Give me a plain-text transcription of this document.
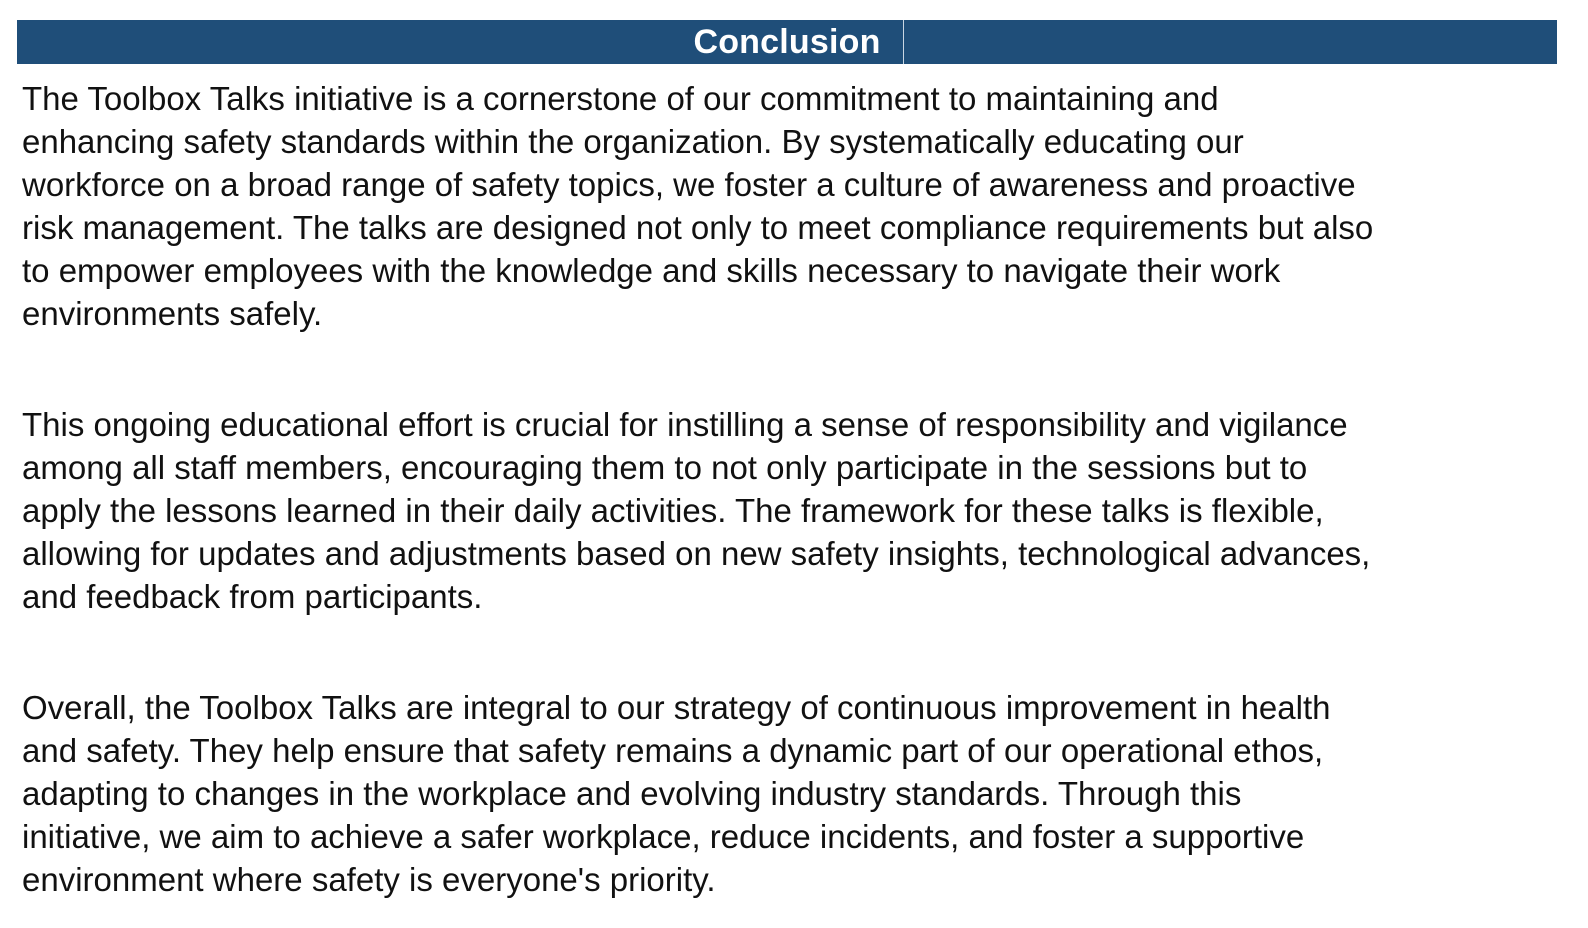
Conclusion

The Toolbox Talks initiative is a cornerstone of our commitment to maintaining and
enhancing safety standards within the organization. By systematically educating our
workforce on a broad range of safety topics, we foster a culture of awareness and proactive
risk management. The talks are designed not only to meet compliance requirements but also
to empower employees with the knowledge and skills necessary to navigate their work
environments safely.

This ongoing educational effort is crucial for instilling a sense of responsibility and vigilance
among all staff members, encouraging them to not only participate in the sessions but to
apply the lessons learned in their daily activities. The framework for these talks is flexible,
allowing for updates and adjustments based on new safety insights, technological advances,
and feedback from participants.

Overall, the Toolbox Talks are integral to our strategy of continuous improvement in health
and safety. They help ensure that safety remains a dynamic part of our operational ethos,
adapting to changes in the workplace and evolving industry standards. Through this
initiative, we aim to achieve a safer workplace, reduce incidents, and foster a supportive
environment where safety is everyone's priority.
